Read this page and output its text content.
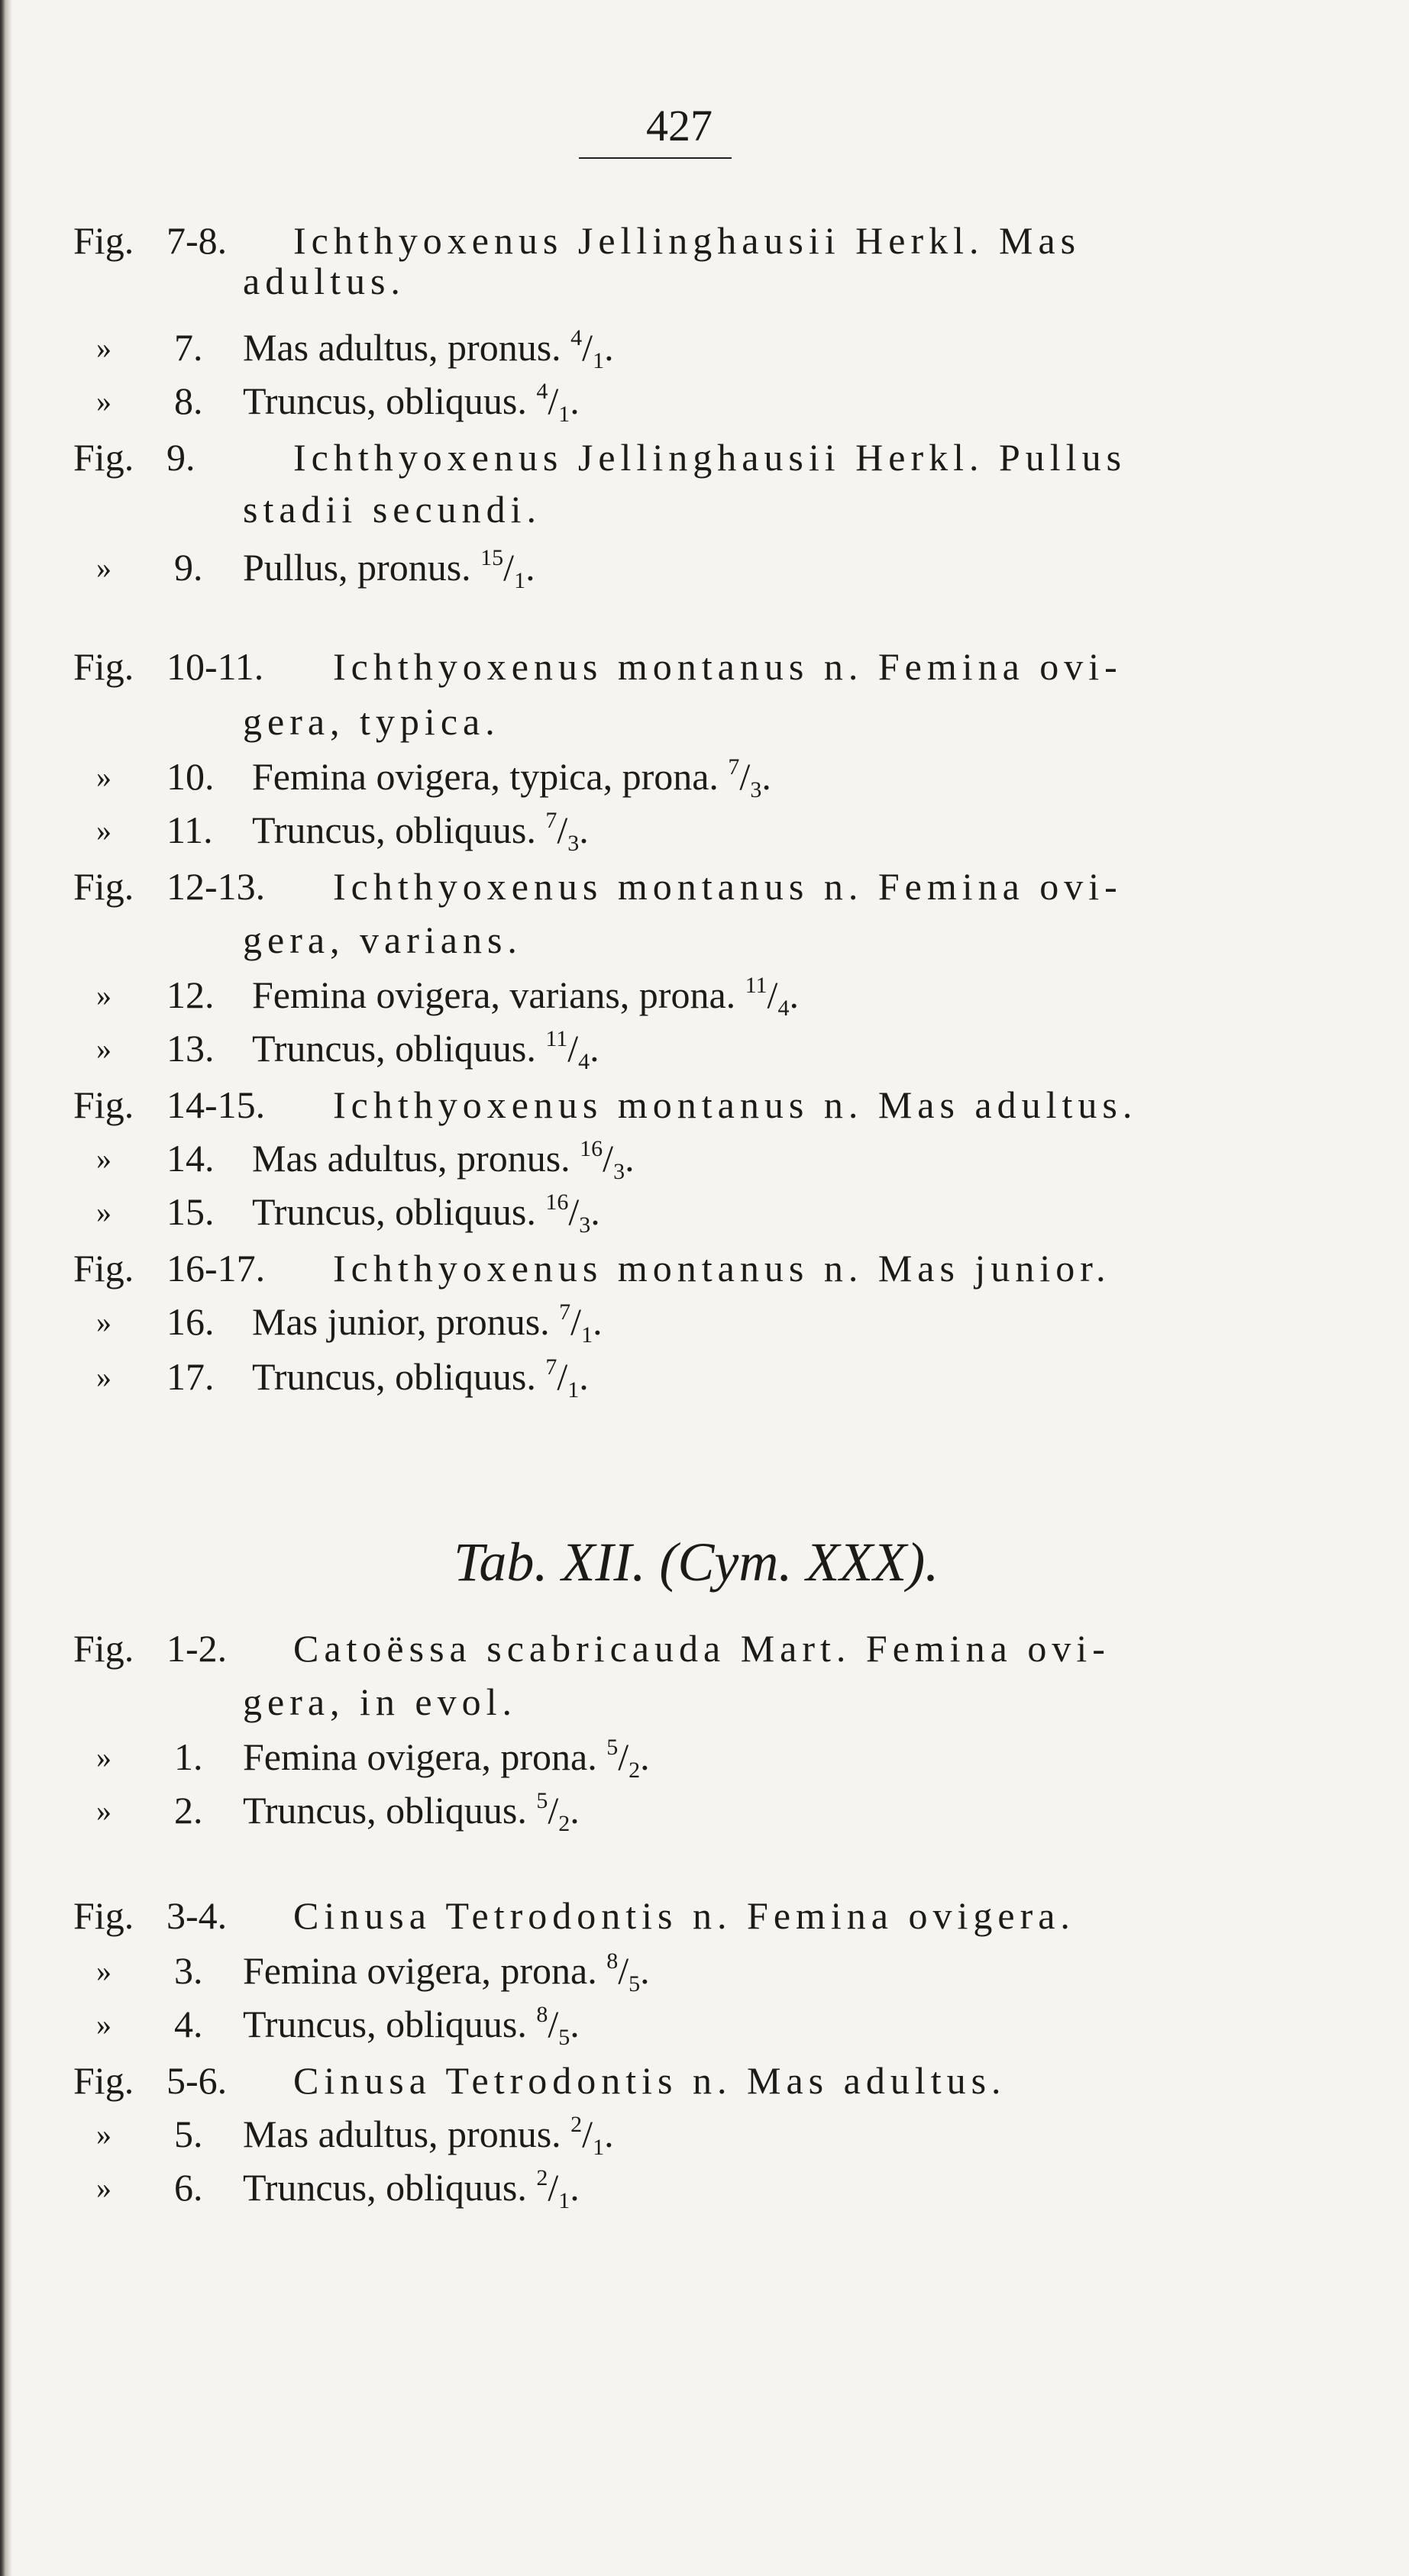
427
Fig. 7-8. Ichthyoxenus Jellinghausii Herkl. Mas
adultus.
» 7. Mas adultus, pronus. $^4/_1$.
» 8. Truncus, obliquus. $^4/_1$.
Fig. 9.	Ichthyoxenus Jellinghausii Herkl. Pullus
stadii secundi.
» 9. Pullus, pronus. $^{15}/_1$.
Fig. 10-11. Ichthyoxenus montanus n. Femina ovi-
gera, typica.
» 10. Femina ovigera, typica, prona. $^7/_3$.
» 11. Truncus, obliquus. $^7/_3$.
Fig. 12-13. Ichthyoxenus montanus n. Femina ovi-
gera, varians.
» 12. Femina ovigera, varians, prona. $^{11}/_4$.
» 13. Truncus, obliquus. $^{11}/_4$.
Fig. 14-15. Ichthyoxenus montanus n. Mas adultus.
» 14. Mas adultus, pronus. $^{16}/_3$.
» 15. Truncus, obliquus. $^{16}/_3$.
Fig. 16-17. Ichthyoxenus montanus n. Mas junior.
» 16. Mas junior, pronus. $^7/_1$.
» 17. Truncus, obliquus. $^7/_1$.
Tab. XII. (Cym. XXX).
Fig. 1-2. Catoëssa scabricauda Mart. Femina ovi-
gera, in evol.
» 1. Femina ovigera, prona. $^5/_2$.
» 2. Truncus, obliquus. $^5/_2$.
Fig. 3-4. Cinusa Tetrodontis n. Femina ovigera.
» 3. Femina ovigera, prona. $^8/_5$.
» 4. Truncus, obliquus. $^8/_5$.
Fig. 5-6. Cinusa Tetrodontis n. Mas adultus.
» 5. Mas adultus, pronus. $^2/_1$.
» 6. Truncus, obliquus. $^2/_1$.
